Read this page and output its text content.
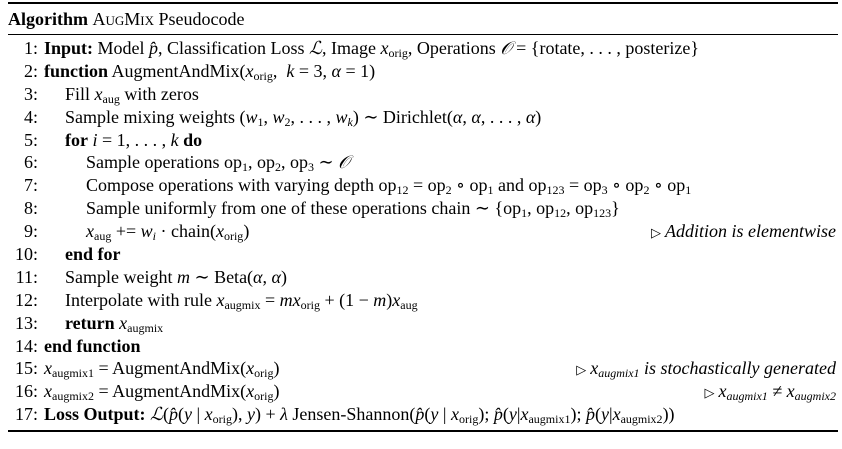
Algorithm AugMix Pseudocode
1: Input: Model p̂, Classification Loss ℒ, Image $x_{orig}$, Operations 𝒪 = {rotate, . . . , posterize}
2: function $AugmentAndMix(x_{orig}$,  k = 3, α = 1)
3: Fill $x_{aug}$ with zeros
4: Sample mixing weights ($w_1$, $w_2$, . . . , $w_k$) ∼ Dirichlet(α, α, . . . , α)
5: for i = 1, . . . , k do
6:	Sample operations $op_1$, $op_2$, $op_3$ ∼ 𝒪
7:	Compose operations with varying depth $op_{12} = op_2$ ∘ $op_1$ and $op_{123} = op_3$ ∘ $op_2$ ∘ $op_1$
8:	Sample uniformly from one of these operations chain ∼ {$op_1$, $op_{12}$, $op_{123}$}
9:	$x_{aug} += w_i$ · $chain(x_{orig})$	▷ Addition is elementwise
10: end for
11: Sample weight m ∼ Beta(α, α)
12: Interpolate with rule $x_{augmix} = mx_{orig} + (1 - m)x_{aug}$
13: return $x_{augmix}$
14: end function
15: $x_{augmix1}$ = $AugmentAndMix(x_{orig})$	▷ $x_{augmix1}$ is stochastically generated
16: $x_{augmix2}$ = $AugmentAndMix(x_{orig})$	▷ $x_{augmix1} \ne x_{augmix2}$
17: Loss Output: ℒ(p̂(y | $x_{orig}$), y) + λ Jensen-Shannon(p̂(y | $x_{orig}$); $p̂(y|x_{augmix1})$; $p̂(y|x_{augmix2})$)
